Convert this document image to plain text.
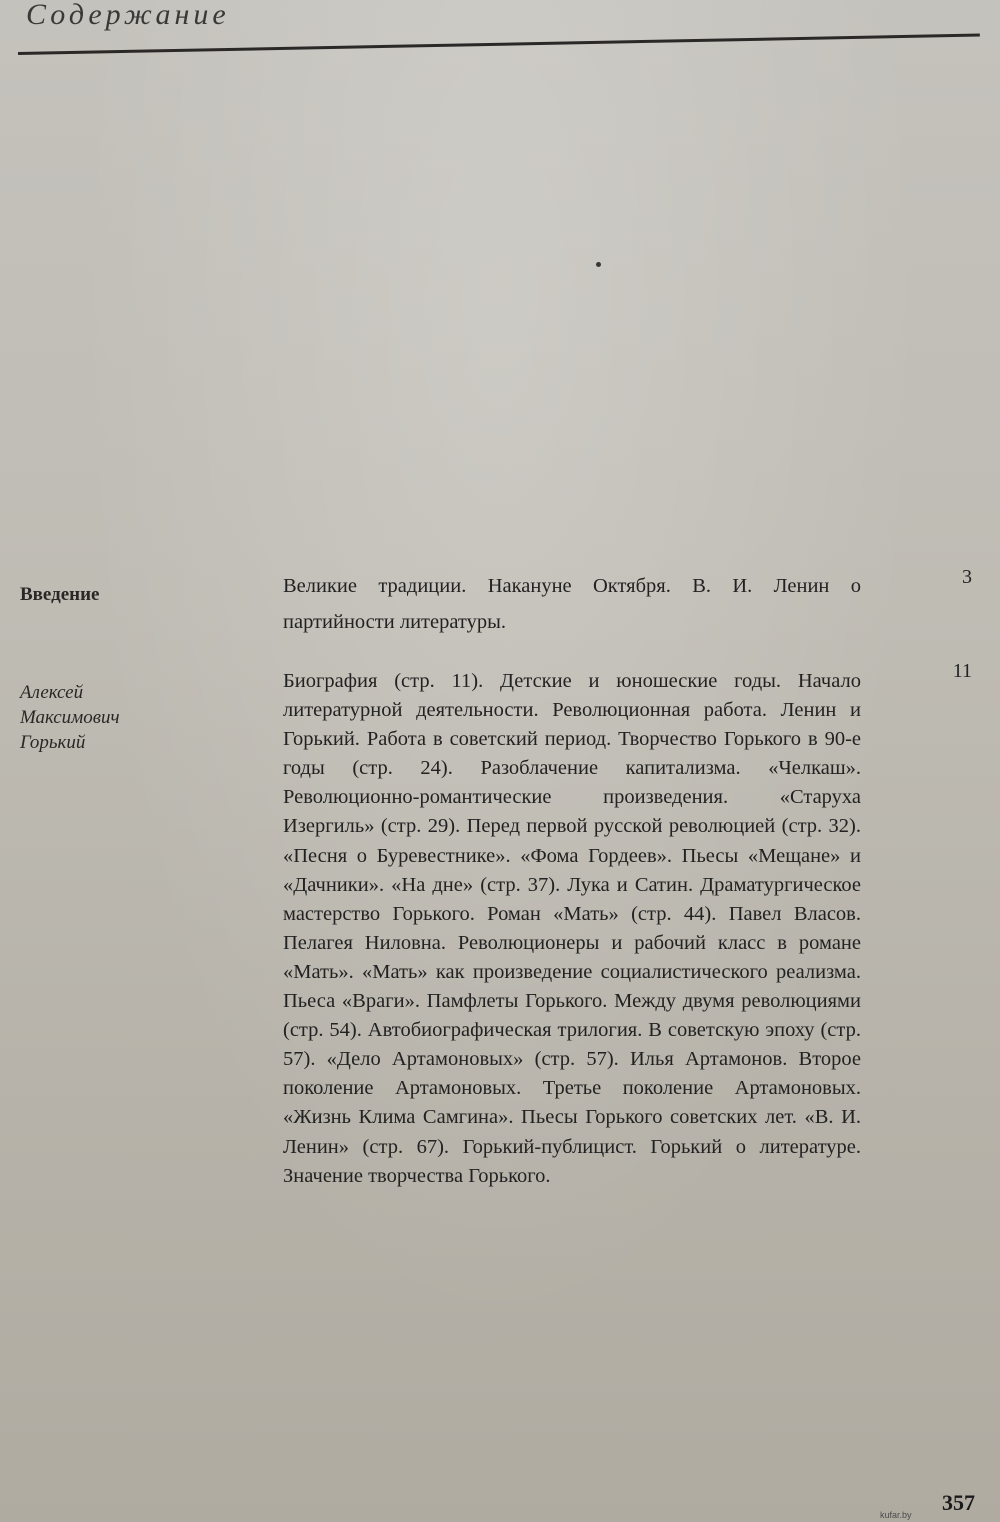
Содержание
Введение	Великие традиции. Накануне Октября. В. И. Ленин о партийности литературы.
3
Алексей
Максимович
Горький
Биография (стр. 11). Детские и юношеские годы. Начало литературной деятельности. Революционная работа. Ленин и Горький. Работа в советский период. Творчество Горького в 90-е годы (стр. 24). Разоблачение капитализма. «Челкаш». Революционно-романтические произведения. «Старуха Изергиль» (стр. 29). Перед первой русской революцией (стр. 32). «Песня о Буревестнике». «Фома Гордеев». Пьесы «Мещане» и «Дачники». «На дне» (стр. 37). Лука и Сатин. Драматургическое мастерство Горького. Роман «Мать» (стр. 44). Павел Власов. Пелагея Ниловна. Революционеры и рабочий класс в романе «Мать». «Мать» как произведение социалистического реализма. Пьеса «Враги». Памфлеты Горького. Между двумя революциями (стр. 54). Автобиографическая трилогия. В советскую эпоху (стр. 57). «Дело Артамоновых» (стр. 57). Илья Артамонов. Второе поколение Артамоновых. Третье поколение Артамоновых. «Жизнь Клима Самгина». Пьесы Горького советских лет. «В. И. Ленин» (стр. 67). Горький-публицист. Горький о литературе. Значение творчества Горького.
11
357
kufar.by
